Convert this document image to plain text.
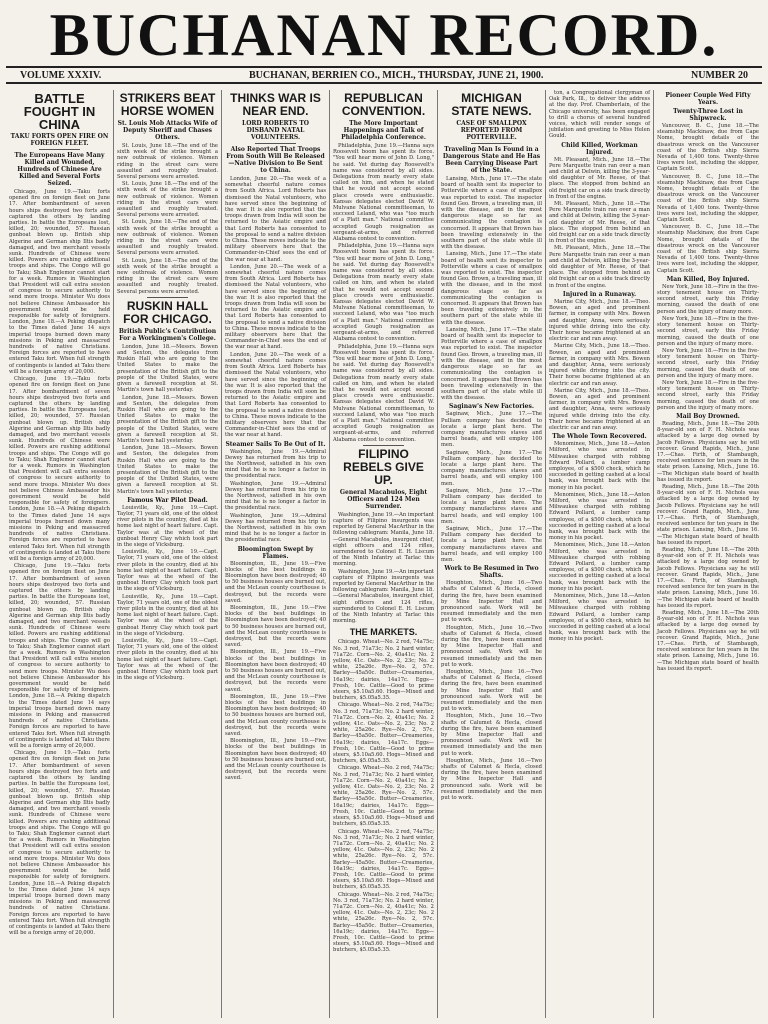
BUCHANAN RECORD.
VOLUME XXXIV.	BUCHANAN, BERRIEN CO., MICH., THURSDAY, JUNE 21, 1900.	NUMBER 20
BATTLE FOUGHT IN CHINA
TAKU FORTS OPEN FIRE ON FOREIGN FLEET.
The Europeans Have Many Killed and Wounded, Hundreds of Chinese Are Killed and Several Forts Seized.

Chicago, June 19.—Taku forts opened fire on foreign fleet on June 17. After bombardment of seven hours ships destroyed two forts and captured the others by landing parties. In battle the Europeans lost, killed, 20; wounded, 57. Russian gunboat blown up. British ship Algerine and German ship Iltis badly damaged, and two merchant vessels sunk. Hundreds of Chinese were killed. Powers are rushing additional troops and ships. The Congo will go to Taku; Shah Englemor cannot start for a week. Rumors in Washington that President will call extra session of congress to secure authority to send more troops. Minister Wu does not believe Chinese Ambassador his government would be held responsible for safety of foreigners. London, June 18.—A Peking dispatch to the Times dated June 14 says imperial troops burned down many missions in Peking and massacred hundreds of native Christians. Foreign forces are reported to have entered Taku fort. When full strength of contingents is landed at Taku there will be a foreign army of 20,000.

Chicago, June 19.—Taku forts opened fire on foreign fleet on June 17. After bombardment of seven hours ships destroyed two forts and captured the others by landing parties. In battle the Europeans lost, killed, 20; wounded, 57. Russian gunboat blown up. British ship Algerine and German ship Iltis badly damaged, and two merchant vessels sunk. Hundreds of Chinese were killed. Powers are rushing additional troops and ships. The Congo will go to Taku; Shah Englemor cannot start for a week. Rumors in Washington that President will call extra session of congress to secure authority to send more troops. Minister Wu does not believe Chinese Ambassador his government would be held responsible for safety of foreigners. London, June 18.—A Peking dispatch to the Times dated June 14 says imperial troops burned down many missions in Peking and massacred hundreds of native Christians. Foreign forces are reported to have entered Taku fort. When full strength of contingents is landed at Taku there will be a foreign army of 20,000.

Chicago, June 19.—Taku forts opened fire on foreign fleet on June 17. After bombardment of seven hours ships destroyed two forts and captured the others by landing parties. In battle the Europeans lost, killed, 20; wounded, 57. Russian gunboat blown up. British ship Algerine and German ship Iltis badly damaged, and two merchant vessels sunk. Hundreds of Chinese were killed. Powers are rushing additional troops and ships. The Congo will go to Taku; Shah Englemor cannot start for a week. Rumors in Washington that President will call extra session of congress to secure authority to send more troops. Minister Wu does not believe Chinese Ambassador his government would be held responsible for safety of foreigners. London, June 18.—A Peking dispatch to the Times dated June 14 says imperial troops burned down many missions in Peking and massacred hundreds of native Christians. Foreign forces are reported to have entered Taku fort. When full strength of contingents is landed at Taku there will be a foreign army of 20,000.

Chicago, June 19.—Taku forts opened fire on foreign fleet on June 17. After bombardment of seven hours ships destroyed two forts and captured the others by landing parties. In battle the Europeans lost, killed, 20; wounded, 57. Russian gunboat blown up. British ship Algerine and German ship Iltis badly damaged, and two merchant vessels sunk. Hundreds of Chinese were killed. Powers are rushing additional troops and ships. The Congo will go to Taku; Shah Englemor cannot start for a week. Rumors in Washington that President will call extra session of congress to secure authority to send more troops. Minister Wu does not believe Chinese Ambassador his government would be held responsible for safety of foreigners. London, June 18.—A Peking dispatch to the Times dated June 14 says imperial troops burned down many missions in Peking and massacred hundreds of native Christians. Foreign forces are reported to have entered Taku fort. When full strength of contingents is landed at Taku there will be a foreign army of 20,000.

STRIKERS BEAT HORSE WOMEN
St. Louis Mob Attacks Wife of Deputy Sheriff and Chases Others.

St. Louis, June 18.—The end of the sixth week of the strike brought a new outbreak of violence. Women riding in the street cars were assaulted and roughly treated. Several persons were arrested.

St. Louis, June 18.—The end of the sixth week of the strike brought a new outbreak of violence. Women riding in the street cars were assaulted and roughly treated. Several persons were arrested.

St. Louis, June 18.—The end of the sixth week of the strike brought a new outbreak of violence. Women riding in the street cars were assaulted and roughly treated. Several persons were arrested.

St. Louis, June 18.—The end of the sixth week of the strike brought a new outbreak of violence. Women riding in the street cars were assaulted and roughly treated. Several persons were arrested.

RUSKIN HALL FOR CHICAGO.
British Public's Contribution For a Workingmen's College.

London, June 18.—Messrs. Bowen and Sexton, the delegates from Ruskin Hall who are going to the United States to make the presentation of the British gift to the people of the United States, were given a farewell reception at St. Martin's town hall yesterday.

London, June 18.—Messrs. Bowen and Sexton, the delegates from Ruskin Hall who are going to the United States to make the presentation of the British gift to the people of the United States, were given a farewell reception at St. Martin's town hall yesterday.

London, June 18.—Messrs. Bowen and Sexton, the delegates from Ruskin Hall who are going to the United States to make the presentation of the British gift to the people of the United States, were given a farewell reception at St. Martin's town hall yesterday.

Famous War Pilot Dead.

Louisville, Ky., June 19.—Capt. Taylor, 71 years old, one of the oldest river pilots in the country, died at his home last night of heart failure. Capt. Taylor was at the wheel of the gunboat Henry Clay which took part in the siege of Vicksburg.

Louisville, Ky., June 19.—Capt. Taylor, 71 years old, one of the oldest river pilots in the country, died at his home last night of heart failure. Capt. Taylor was at the wheel of the gunboat Henry Clay which took part in the siege of Vicksburg.

Louisville, Ky., June 19.—Capt. Taylor, 71 years old, one of the oldest river pilots in the country, died at his home last night of heart failure. Capt. Taylor was at the wheel of the gunboat Henry Clay which took part in the siege of Vicksburg.

Louisville, Ky., June 19.—Capt. Taylor, 71 years old, one of the oldest river pilots in the country, died at his home last night of heart failure. Capt. Taylor was at the wheel of the gunboat Henry Clay which took part in the siege of Vicksburg.

THINKS WAR IS NEAR END.
LORD ROBERTS TO DISBAND NATAL VOLUNTEERS.
Also Reported That Troops From South Will Be Released—Native Division to Be Sent to China.

London, June 20.—The week of a somewhat cheerful nature comes from South Africa. Lord Roberts has dismissed the Natal volunteers, who have served since the beginning of the war. It is also reported that the troops drawn from India will soon be returned to the Asiatic empire and that Lord Roberts has consented to the proposal to send a native division to China. These moves indicate to the military observers here that the Commander-in-Chief sees the end of the war near at hand.

London, June 20.—The week of a somewhat cheerful nature comes from South Africa. Lord Roberts has dismissed the Natal volunteers, who have served since the beginning of the war. It is also reported that the troops drawn from India will soon be returned to the Asiatic empire and that Lord Roberts has consented to the proposal to send a native division to China. These moves indicate to the military observers here that the Commander-in-Chief sees the end of the war near at hand.

London, June 20.—The week of a somewhat cheerful nature comes from South Africa. Lord Roberts has dismissed the Natal volunteers, who have served since the beginning of the war. It is also reported that the troops drawn from India will soon be returned to the Asiatic empire and that Lord Roberts has consented to the proposal to send a native division to China. These moves indicate to the military observers here that the Commander-in-Chief sees the end of the war near at hand.

Steamer Sails To Be Out of It.

Washington, June 19.—Admiral Dewey has returned from his trip to the Northwest, satisfied in his own mind that he is no longer a factor in the presidential race.

Washington, June 19.—Admiral Dewey has returned from his trip to the Northwest, satisfied in his own mind that he is no longer a factor in the presidential race.

Washington, June 19.—Admiral Dewey has returned from his trip to the Northwest, satisfied in his own mind that he is no longer a factor in the presidential race.

Bloomington Swept by Flames.

Bloomington, Ill., June 19.—Five blocks of the best buildings in Bloomington have been destroyed; 40 to 50 business houses are burned out, and the McLean county courthouse is destroyed, but the records were saved.

Bloomington, Ill., June 19.—Five blocks of the best buildings in Bloomington have been destroyed; 40 to 50 business houses are burned out, and the McLean county courthouse is destroyed, but the records were saved.

Bloomington, Ill., June 19.—Five blocks of the best buildings in Bloomington have been destroyed; 40 to 50 business houses are burned out, and the McLean county courthouse is destroyed, but the records were saved.

Bloomington, Ill., June 19.—Five blocks of the best buildings in Bloomington have been destroyed; 40 to 50 business houses are burned out, and the McLean county courthouse is destroyed, but the records were saved.

Bloomington, Ill., June 19.—Five blocks of the best buildings in Bloomington have been destroyed; 40 to 50 business houses are burned out, and the McLean county courthouse is destroyed, but the records were saved.

REPUBLICAN CONVENTION.
The More Important Happenings and Talk of Philadelphia Conference.

Philadelphia, June 19.—Hanna says Roosevelt boom has spent its force. "You will hear more of John D. Long," he said. Yet during day Roosevelt's name was considered by all sides. Delegations from nearly every state called on him, and when he stated that he would not accept second place crowds were enthusiastic. Kansas delegates elected David W. Mulvane National committeeman, to succeed Leland, who was "too much of a Platt man." National committee accepted Gough resignation as sergeant-at-arms, and referred Alabama contest to convention.

Philadelphia, June 19.—Hanna says Roosevelt boom has spent its force. "You will hear more of John D. Long," he said. Yet during day Roosevelt's name was considered by all sides. Delegations from nearly every state called on him, and when he stated that he would not accept second place crowds were enthusiastic. Kansas delegates elected David W. Mulvane National committeeman, to succeed Leland, who was "too much of a Platt man." National committee accepted Gough resignation as sergeant-at-arms, and referred Alabama contest to convention.

Philadelphia, June 19.—Hanna says Roosevelt boom has spent its force. "You will hear more of John D. Long," he said. Yet during day Roosevelt's name was considered by all sides. Delegations from nearly every state called on him, and when he stated that he would not accept second place crowds were enthusiastic. Kansas delegates elected David W. Mulvane National committeeman, to succeed Leland, who was "too much of a Platt man." National committee accepted Gough resignation as sergeant-at-arms, and referred Alabama contest to convention.

FILIPINO REBELS GIVE UP.
General Macabulos, Eight Officers and 124 Men Surrender.

Washington, June 19.—An important capture of Filipino insurgents was reported by General MacArthur in the following cablegram: Manila, June 18.—General Macabulos, insurgent chief, eight officers and 124 rifles, surrendered to Colonel E. H. Liscum of the Ninth Infantry at Tarlac this morning.

Washington, June 19.—An important capture of Filipino insurgents was reported by General MacArthur in the following cablegram: Manila, June 18.—General Macabulos, insurgent chief, eight officers and 124 rifles, surrendered to Colonel E. H. Liscum of the Ninth Infantry at Tarlac this morning.

THE MARKETS.

Chicago. Wheat—No. 2 red, 74a75c; No. 3 red, 71a73c; No. 2 hard winter, 71a72c. Corn—No. 2, 40a41c; No. 2 yellow, 41c. Oats—No. 2, 23c; No. 2 white, 25a26c. Rye—No. 2, 57c. Barley—45a50c. Butter—Creameries, 16a19c; dairies, 14a17c. Eggs—Fresh, 10c. Cattle—Good to prime steers, $5.10a5.60. Hogs—Mixed and butchers, $5.05a5.35.

Chicago. Wheat—No. 2 red, 74a75c; No. 3 red, 71a73c; No. 2 hard winter, 71a72c. Corn—No. 2, 40a41c; No. 2 yellow, 41c. Oats—No. 2, 23c; No. 2 white, 25a26c. Rye—No. 2, 57c. Barley—45a50c. Butter—Creameries, 16a19c; dairies, 14a17c. Eggs—Fresh, 10c. Cattle—Good to prime steers, $5.10a5.60. Hogs—Mixed and butchers, $5.05a5.35.

Chicago. Wheat—No. 2 red, 74a75c; No. 3 red, 71a73c; No. 2 hard winter, 71a72c. Corn—No. 2, 40a41c; No. 2 yellow, 41c. Oats—No. 2, 23c; No. 2 white, 25a26c. Rye—No. 2, 57c. Barley—45a50c. Butter—Creameries, 16a19c; dairies, 14a17c. Eggs—Fresh, 10c. Cattle—Good to prime steers, $5.10a5.60. Hogs—Mixed and butchers, $5.05a5.35.

Chicago. Wheat—No. 2 red, 74a75c; No. 3 red, 71a73c; No. 2 hard winter, 71a72c. Corn—No. 2, 40a41c; No. 2 yellow, 41c. Oats—No. 2, 23c; No. 2 white, 25a26c. Rye—No. 2, 57c. Barley—45a50c. Butter—Creameries, 16a19c; dairies, 14a17c. Eggs—Fresh, 10c. Cattle—Good to prime steers, $5.10a5.60. Hogs—Mixed and butchers, $5.05a5.35.

Chicago. Wheat—No. 2 red, 74a75c; No. 3 red, 71a73c; No. 2 hard winter, 71a72c. Corn—No. 2, 40a41c; No. 2 yellow, 41c. Oats—No. 2, 23c; No. 2 white, 25a26c. Rye—No. 2, 57c. Barley—45a50c. Butter—Creameries, 16a19c; dairies, 14a17c. Eggs—Fresh, 10c. Cattle—Good to prime steers, $5.10a5.60. Hogs—Mixed and butchers, $5.05a5.35.

MICHIGAN STATE NEWS.
CASE OF SMALLPOX REPORTED FROM POTTERVILLE.
Traveling Man Is Found in a Dangerous State and He Has Been Carrying Disease Part of the State.

Lansing, Mich., June 17.—The state board of health sent its inspector to Potterville where a case of smallpox was reported to exist. The inspector found Geo. Brown, a traveling man, ill with the disease, and in the most dangerous stage so far as communicating the contagion is concerned. It appears that Brown has been traveling extensively in the southern part of the state while ill with the disease.

Lansing, Mich., June 17.—The state board of health sent its inspector to Potterville where a case of smallpox was reported to exist. The inspector found Geo. Brown, a traveling man, ill with the disease, and in the most dangerous stage so far as communicating the contagion is concerned. It appears that Brown has been traveling extensively in the southern part of the state while ill with the disease.

Lansing, Mich., June 17.—The state board of health sent its inspector to Potterville where a case of smallpox was reported to exist. The inspector found Geo. Brown, a traveling man, ill with the disease, and in the most dangerous stage so far as communicating the contagion is concerned. It appears that Brown has been traveling extensively in the southern part of the state while ill with the disease.

Saginaw's New Factories.

Saginaw, Mich., June 17.—The Pulliam company has decided to locate a large plant here. The company manufactures staves and barrel heads, and will employ 100 men.

Saginaw, Mich., June 17.—The Pulliam company has decided to locate a large plant here. The company manufactures staves and barrel heads, and will employ 100 men.

Saginaw, Mich., June 17.—The Pulliam company has decided to locate a large plant here. The company manufactures staves and barrel heads, and will employ 100 men.

Saginaw, Mich., June 17.—The Pulliam company has decided to locate a large plant here. The company manufactures staves and barrel heads, and will employ 100 men.

Work to Be Resumed in Two Shafts.

Houghton, Mich., June 16.—Two shafts of Calumet & Hecla, closed during the fire, have been examined by Mine Inspector Hall and pronounced safe. Work will be resumed immediately and the men put to work.

Houghton, Mich., June 16.—Two shafts of Calumet & Hecla, closed during the fire, have been examined by Mine Inspector Hall and pronounced safe. Work will be resumed immediately and the men put to work.

Houghton, Mich., June 16.—Two shafts of Calumet & Hecla, closed during the fire, have been examined by Mine Inspector Hall and pronounced safe. Work will be resumed immediately and the men put to work.

Houghton, Mich., June 16.—Two shafts of Calumet & Hecla, closed during the fire, have been examined by Mine Inspector Hall and pronounced safe. Work will be resumed immediately and the men put to work.

Houghton, Mich., June 16.—Two shafts of Calumet & Hecla, closed during the fire, have been examined by Mine Inspector Hall and pronounced safe. Work will be resumed immediately and the men put to work.

ton, a Congregational clergyman of Oak Park, Ill., to deliver the address at the day. Prof. Chamberlain, of the Chicago university, has been engaged to drill a chorus of several hundred voices, which will render songs of jubilation and greeting to Miss Helen Gould.

Child Killed, Workman Injured.

Mt. Pleasant, Mich., June 18.—The Pere Marquette train ran over a man and child at Delwin, killing the 3-year-old daughter of Mr. Reese, of that place. The stopped from behind an old freight car on a side track directly in front of the engine.

Mt. Pleasant, Mich., June 18.—The Pere Marquette train ran over a man and child at Delwin, killing the 3-year-old daughter of Mr. Reese, of that place. The stopped from behind an old freight car on a side track directly in front of the engine.

Mt. Pleasant, Mich., June 18.—The Pere Marquette train ran over a man and child at Delwin, killing the 3-year-old daughter of Mr. Reese, of that place. The stopped from behind an old freight car on a side track directly in front of the engine.

Injured in a Runaway.

Marine City, Mich., June 18.—Theo. Bowen, an aged and prominent farmer, in company with Mrs. Bowen and daughter, Anna, were seriously injured while driving into the city. Their horse became frightened at an electric car and ran away.

Marine City, Mich., June 18.—Theo. Bowen, an aged and prominent farmer, in company with Mrs. Bowen and daughter, Anna, were seriously injured while driving into the city. Their horse became frightened at an electric car and ran away.

Marine City, Mich., June 18.—Theo. Bowen, an aged and prominent farmer, in company with Mrs. Bowen and daughter, Anna, were seriously injured while driving into the city. Their horse became frightened at an electric car and ran away.

The Whole Town Recovered.

Menominee, Mich., June 18.—Anton Milford, who was arrested in Milwaukee charged with robbing Edward Pollard, a lumber camp employee, of a $500 check, which he succeeded in getting cashed at a local bank, was brought back with the money in his pocket.

Menominee, Mich., June 18.—Anton Milford, who was arrested in Milwaukee charged with robbing Edward Pollard, a lumber camp employee, of a $500 check, which he succeeded in getting cashed at a local bank, was brought back with the money in his pocket.

Menominee, Mich., June 18.—Anton Milford, who was arrested in Milwaukee charged with robbing Edward Pollard, a lumber camp employee, of a $500 check, which he succeeded in getting cashed at a local bank, was brought back with the money in his pocket.

Menominee, Mich., June 18.—Anton Milford, who was arrested in Milwaukee charged with robbing Edward Pollard, a lumber camp employee, of a $500 check, which he succeeded in getting cashed at a local bank, was brought back with the money in his pocket.

Pioneer Couple Wed Fifty Years.
Twenty-Three Lost in Shipwreck.

Vancouver, B. C., June 18.—The steamship Mackinaw, due from Cape Nome, brought details of the disastrous wreck on the Vancouver coast of the British ship Sierra Nevada of 1,400 tons. Twenty-three lives were lost, including the skipper, Captain Scott.

Vancouver, B. C., June 18.—The steamship Mackinaw, due from Cape Nome, brought details of the disastrous wreck on the Vancouver coast of the British ship Sierra Nevada of 1,400 tons. Twenty-three lives were lost, including the skipper, Captain Scott.

Vancouver, B. C., June 18.—The steamship Mackinaw, due from Cape Nome, brought details of the disastrous wreck on the Vancouver coast of the British ship Sierra Nevada of 1,400 tons. Twenty-three lives were lost, including the skipper, Captain Scott.

Man Killed, Boy Injured.

New York, June 18.—Fire in the five-story tenement house on Thirty-second street, early this Friday morning, caused the death of one person and the injury of many more.

New York, June 18.—Fire in the five-story tenement house on Thirty-second street, early this Friday morning, caused the death of one person and the injury of many more.

New York, June 18.—Fire in the five-story tenement house on Thirty-second street, early this Friday morning, caused the death of one person and the injury of many more.

New York, June 18.—Fire in the five-story tenement house on Thirty-second street, early this Friday morning, caused the death of one person and the injury of many more.

Mail Boy Drowned.

Reading, Mich., June 18.—The 20th 8-year-old son of F. H. Nichols was attacked by a large dog owned by Jacob Fellows. Physicians say he will recover. Grand Rapids, Mich., June 17.—Chas. Firth, of Stambaugh, received sentence for ten years in the state prison. Lansing, Mich., June 16.—The Michigan state board of health has issued its report.

Reading, Mich., June 18.—The 20th 8-year-old son of F. H. Nichols was attacked by a large dog owned by Jacob Fellows. Physicians say he will recover. Grand Rapids, Mich., June 17.—Chas. Firth, of Stambaugh, received sentence for ten years in the state prison. Lansing, Mich., June 16.—The Michigan state board of health has issued its report.

Reading, Mich., June 18.—The 20th 8-year-old son of F. H. Nichols was attacked by a large dog owned by Jacob Fellows. Physicians say he will recover. Grand Rapids, Mich., June 17.—Chas. Firth, of Stambaugh, received sentence for ten years in the state prison. Lansing, Mich., June 16.—The Michigan state board of health has issued its report.

Reading, Mich., June 18.—The 20th 8-year-old son of F. H. Nichols was attacked by a large dog owned by Jacob Fellows. Physicians say he will recover. Grand Rapids, Mich., June 17.—Chas. Firth, of Stambaugh, received sentence for ten years in the state prison. Lansing, Mich., June 16.—The Michigan state board of health has issued its report.
